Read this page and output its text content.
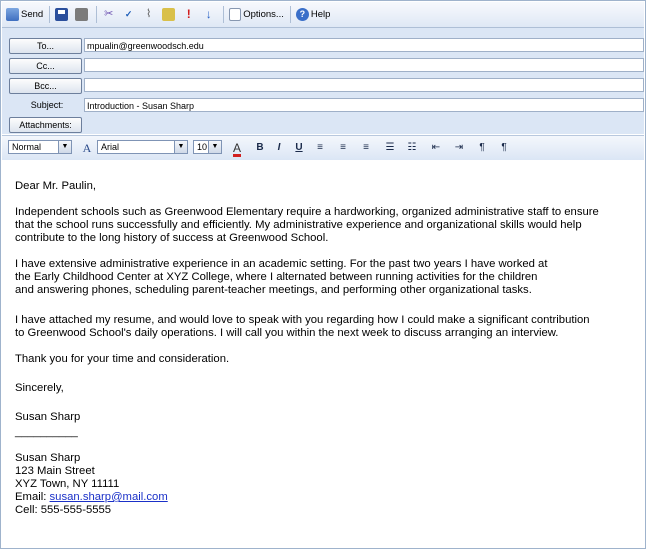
Send	✂	✓	⌇	!	↓	Options...	? Help
To...	mpualin@greenwoodsch.edu
Cc...
Bcc...
Subject:	Introduction - Susan Sharp
Attachments:
Normal	▼ A	Arial	▼	10 ▼ A	B	I	U	≡	≡	≡	☰ ☷ ⇤ ⇥	¶	¶
Dear Mr. Paulin,
Independent schools such as Greenwood Elementary require a hardworking, organized administrative staff to ensure
that the school runs successfully and efficiently. My administrative experience and organizational skills would help
contribute to the long history of success at Greenwood School.
I have extensive administrative experience in an academic setting. For the past two years I have worked at
the Early Childhood Center at XYZ College, where I alternated between running activities for the children
and answering phones, scheduling parent-teacher meetings, and performing other organizational tasks.
I have attached my resume, and would love to speak with you regarding how I could make a significant contribution
to Greenwood School's daily operations. I will call you within the next week to discuss arranging an interview.
Thank you for your time and consideration.
Sincerely,
Susan Sharp
__________
Susan Sharp
123 Main Street
XYZ Town, NY 11111
Email: susan.sharp@mail.com
Cell: 555-555-5555
